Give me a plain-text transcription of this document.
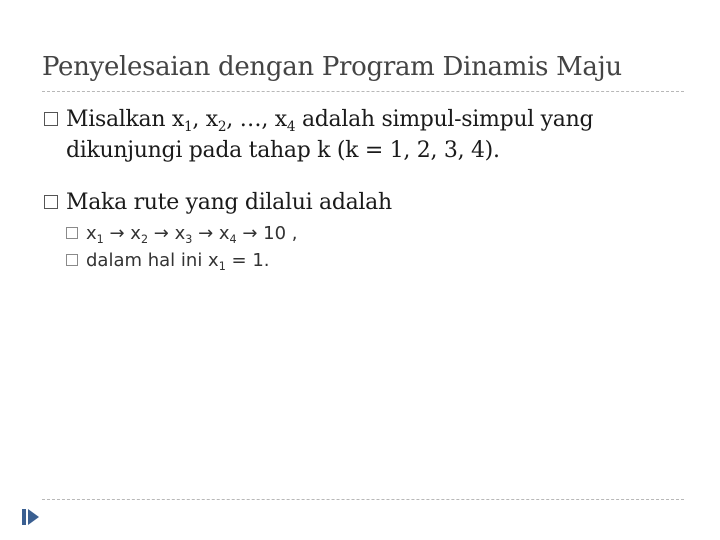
Penyelesaian dengan Program Dinamis Maju
Misalkan $x_1$, $x_2$, …, $x_4$ adalah simpul-simpul yang dikunjungi pada tahap k (k = 1, 2, 3, 4).
Maka rute yang dilalui adalah
$x_1 \to x_2 \to x_3 \to x_4 \to 10$ ,
dalam hal ini $x_1 = 1$.
